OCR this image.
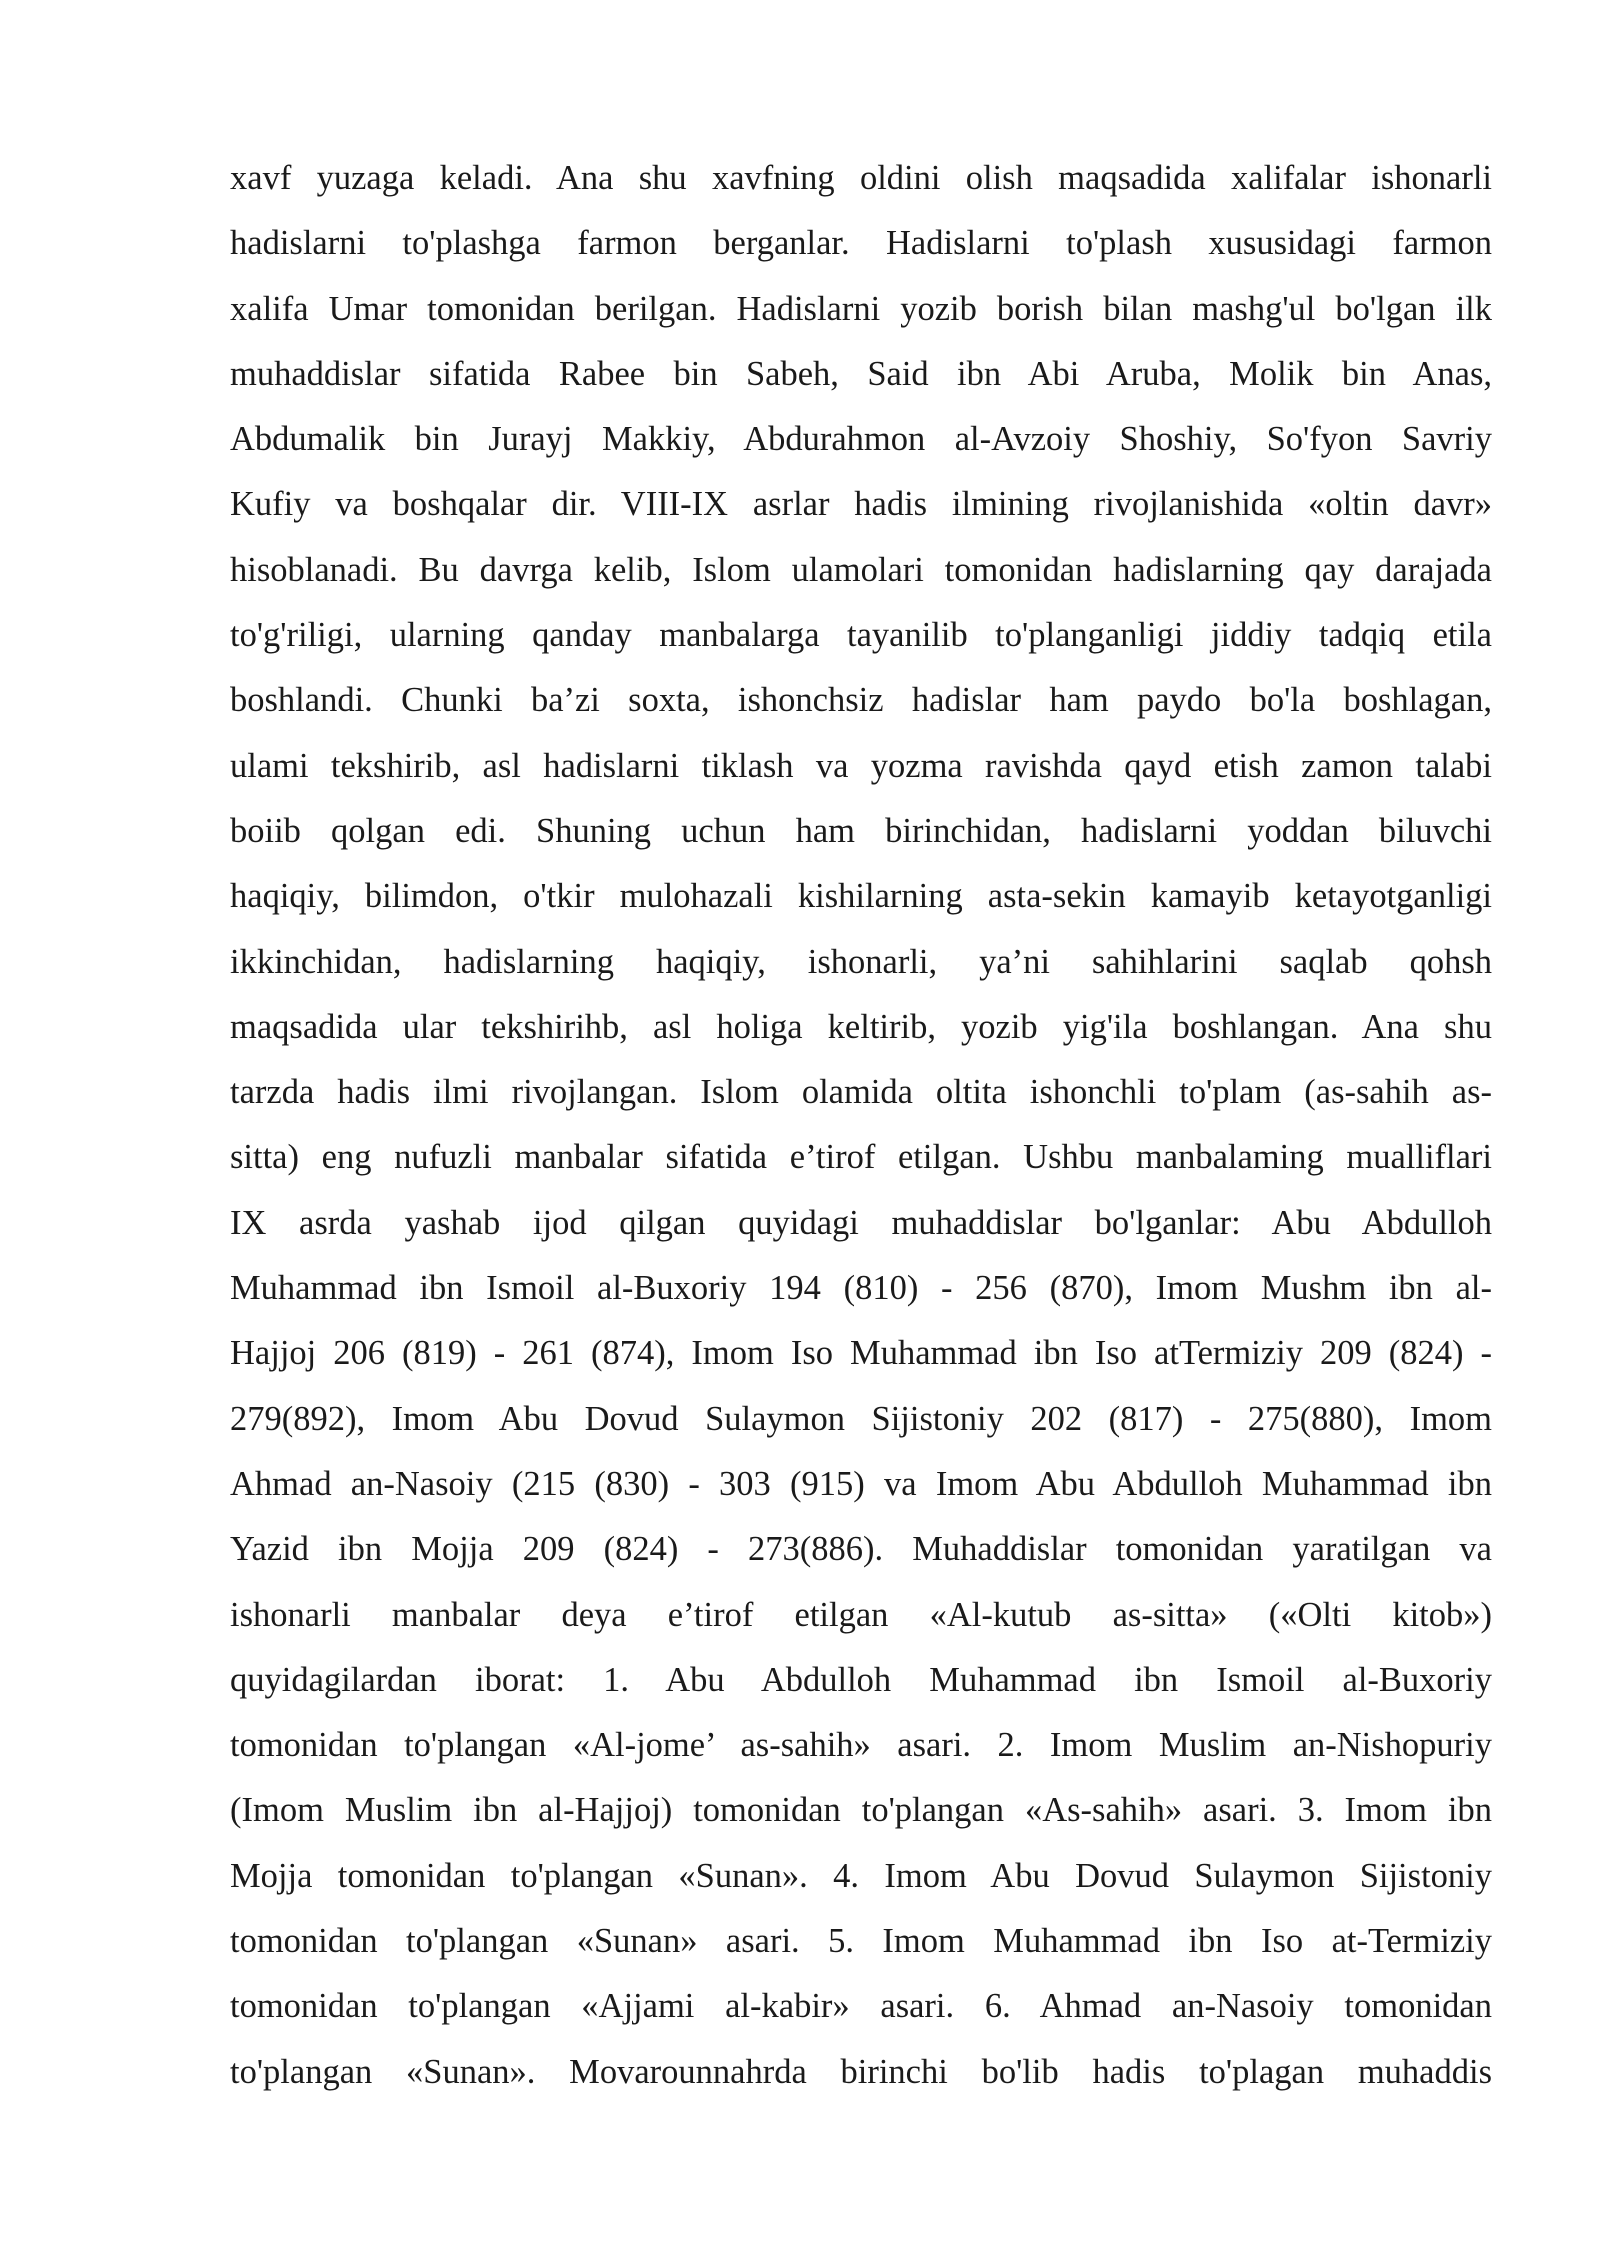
xavf yuzaga keladi. Ana shu xavfning oldini olish maqsadida xalifalar ishonarli
hadislarni to'plashga farmon berganlar. Hadislarni to'plash xususidagi farmon
xalifa Umar tomonidan berilgan. Hadislarni yozib borish bilan mashg'ul bo'lgan ilk
muhaddislar sifatida Rabee bin Sabeh, Said ibn Abi Aruba, Molik bin Anas,
Abdumalik bin Jurayj Makkiy, Abdurahmon al-Avzoiy Shoshiy, So'fyon Savriy
Kufiy va boshqalar dir. VIII-IX asrlar hadis ilmining rivojlanishida «oltin davr»
hisoblanadi. Bu davrga kelib, Islom ulamolari tomonidan hadislarning qay darajada
to'g'riligi, ularning qanday manbalarga tayanilib to'planganligi jiddiy tadqiq etila
boshlandi. Chunki ba’zi soxta, ishonchsiz hadislar ham paydo bo'la boshlagan,
ulami tekshirib, asl hadislarni tiklash va yozma ravishda qayd etish zamon talabi
boiib qolgan edi. Shuning uchun ham birinchidan, hadislarni yoddan biluvchi
haqiqiy, bilimdon, o'tkir mulohazali kishilarning asta-sekin kamayib ketayotganligi
ikkinchidan, hadislarning haqiqiy, ishonarli, ya’ni sahihlarini saqlab qohsh
maqsadida ular tekshirihb, asl holiga keltirib, yozib yig'ila boshlangan. Ana shu
tarzda hadis ilmi rivojlangan. Islom olamida oltita ishonchli to'plam (as-sahih as-
sitta) eng nufuzli manbalar sifatida e’tirof etilgan. Ushbu manbalaming mualliflari
IX asrda yashab ijod qilgan quyidagi muhaddislar bo'lganlar: Abu Abdulloh
Muhammad ibn Ismoil al-Buxoriy 194 (810) - 256 (870), Imom Mushm ibn al-
Hajjoj 206 (819) - 261 (874), Imom Iso Muhammad ibn Iso atTermiziy 209 (824) -
279(892), Imom Abu Dovud Sulaymon Sijistoniy 202 (817) - 275(880), Imom
Ahmad an-Nasoiy (215 (830) - 303 (915) va Imom Abu Abdulloh Muhammad ibn
Yazid ibn Mojja 209 (824) - 273(886). Muhaddislar tomonidan yaratilgan va
ishonarli manbalar deya e’tirof etilgan «Al-kutub as-sitta» («Olti kitob»)
quyidagilardan iborat: 1. Abu Abdulloh Muhammad ibn Ismoil al-Buxoriy
tomonidan to'plangan «Al-jome’ as-sahih» asari. 2. Imom Muslim an-Nishopuriy
(Imom Muslim ibn al-Hajjoj) tomonidan to'plangan «As-sahih» asari. 3. Imom ibn
Mojja tomonidan to'plangan «Sunan». 4. Imom Abu Dovud Sulaymon Sijistoniy
tomonidan to'plangan «Sunan» asari. 5. Imom Muhammad ibn Iso at-Termiziy
tomonidan to'plangan «Ajjami al-kabir» asari. 6. Ahmad an-Nasoiy tomonidan
to'plangan «Sunan». Movarounnahrda birinchi bo'lib hadis to'plagan muhaddis
